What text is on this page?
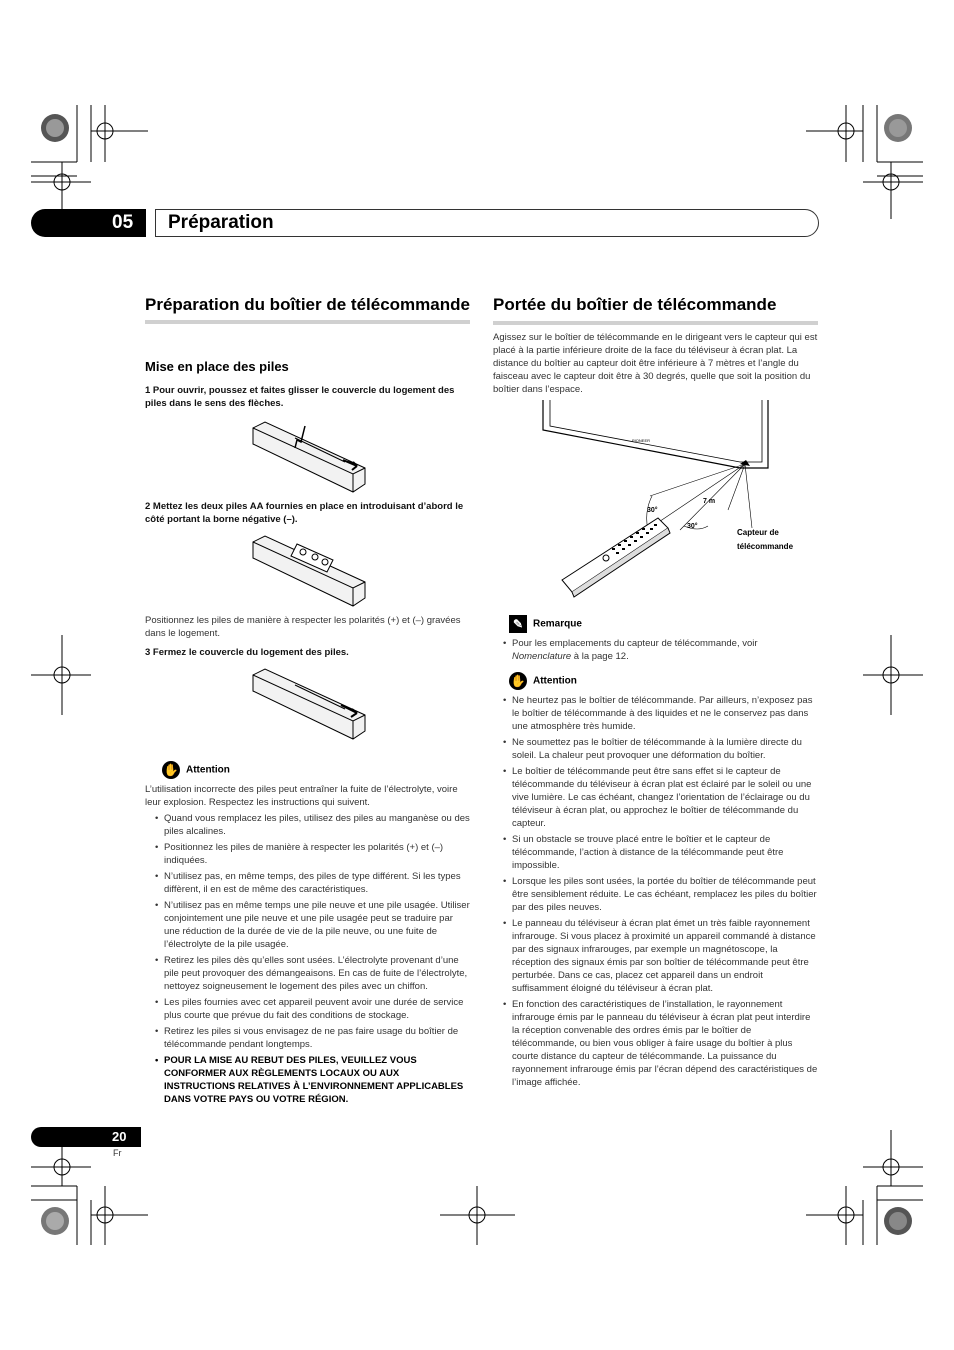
05 Préparation
Préparation du boîtier de télécommande
Mise en place des piles
1 Pour ouvrir, poussez et faites glisser le couvercle du logement des piles dans le sens des flèches.
2 Mettez les deux piles AA fournies en place en introduisant d’abord le côté portant la borne négative (–).
Positionnez les piles de manière à respecter les polarités (+) et (–) gravées dans le logement.
3 Fermez le couvercle du logement des piles.
✋ Attention
L’utilisation incorrecte des piles peut entraîner la fuite de l’électrolyte, voire leur explosion. Respectez les instructions qui suivent.
• Quand vous remplacez les piles, utilisez des piles au manganèse ou des piles alcalines.
• Positionnez les piles de manière à respecter les polarités (+) et (–) indiquées.
• N’utilisez pas, en même temps, des piles de type différent. Si les types diffèrent, il en est de même des caractéristiques.
• N’utilisez pas en même temps une pile neuve et une pile usagée. Utiliser conjointement une pile neuve et une pile usagée peut se traduire par une réduction de la durée de vie de la pile neuve, ou une fuite de l’électrolyte de la pile usagée.
• Retirez les piles dès qu’elles sont usées. L’électrolyte provenant d’une pile peut provoquer des démangeaisons. En cas de fuite de l’électrolyte, nettoyez soigneusement le logement des piles avec un chiffon.
• Les piles fournies avec cet appareil peuvent avoir une durée de service plus courte que prévue du fait des conditions de stockage.
• Retirez les piles si vous envisagez de ne pas faire usage du boîtier de télécommande pendant longtemps.
• POUR LA MISE AU REBUT DES PILES, VEUILLEZ VOUS CONFORMER AUX RÈGLEMENTS LOCAUX OU AUX INSTRUCTIONS RELATIVES À L’ENVIRONNEMENT APPLICABLES DANS VOTRE PAYS OU VOTRE RÉGION.
Portée du boîtier de télécommande
Agissez sur le boîtier de télécommande en le dirigeant vers le capteur qui est placé à la partie inférieure droite de la face du téléviseur à écran plat. La distance du boîtier au capteur doit être inférieure à 7 mètres et l’angle du faisceau avec le capteur doit être à 30 degrés, quelle que soit la position du boîtier dans l’espace.
PIONEER
30°
7 m
30°
Capteur de
télécommande
✎ Remarque
• Pour les emplacements du capteur de télécommande, voir Nomenclature à la page 12.
✋ Attention
• Ne heurtez pas le boîtier de télécommande. Par ailleurs, n’exposez pas le boîtier de télécommande à des liquides et ne le conservez pas dans une atmosphère très humide.
• Ne soumettez pas le boîtier de télécommande à la lumière directe du soleil. La chaleur peut provoquer une déformation du boîtier.
• Le boîtier de télécommande peut être sans effet si le capteur de télécommande du téléviseur à écran plat est éclairé par le soleil ou une vive lumière. Le cas échéant, changez l’orientation de l’éclairage ou du téléviseur à écran plat, ou approchez le boîtier de télécommande du capteur.
• Si un obstacle se trouve placé entre le boîtier et le capteur de télécommande, l’action à distance de la télécommande peut être impossible.
• Lorsque les piles sont usées, la portée du boîtier de télécommande peut être sensiblement réduite. Le cas échéant, remplacez les piles du boîtier par des piles neuves.
• Le panneau du téléviseur à écran plat émet un très faible rayonnement infrarouge. Si vous placez à proximité un appareil commandé à distance par des signaux infrarouges, par exemple un magnétoscope, la réception des signaux émis par son boîtier de télécommande peut être perturbée. Dans ce cas, placez cet appareil dans un endroit suffisamment éloigné du téléviseur à écran plat.
• En fonction des caractéristiques de l’installation, le rayonnement infrarouge émis par le panneau du téléviseur à écran plat peut interdire la réception convenable des ordres émis par le boîtier de télécommande, ou bien vous obliger à faire usage du boîtier à plus courte distance du capteur de télécommande. La puissance du rayonnement infrarouge émis par l’écran dépend des caractéristiques de l’image affichée.
20
Fr
